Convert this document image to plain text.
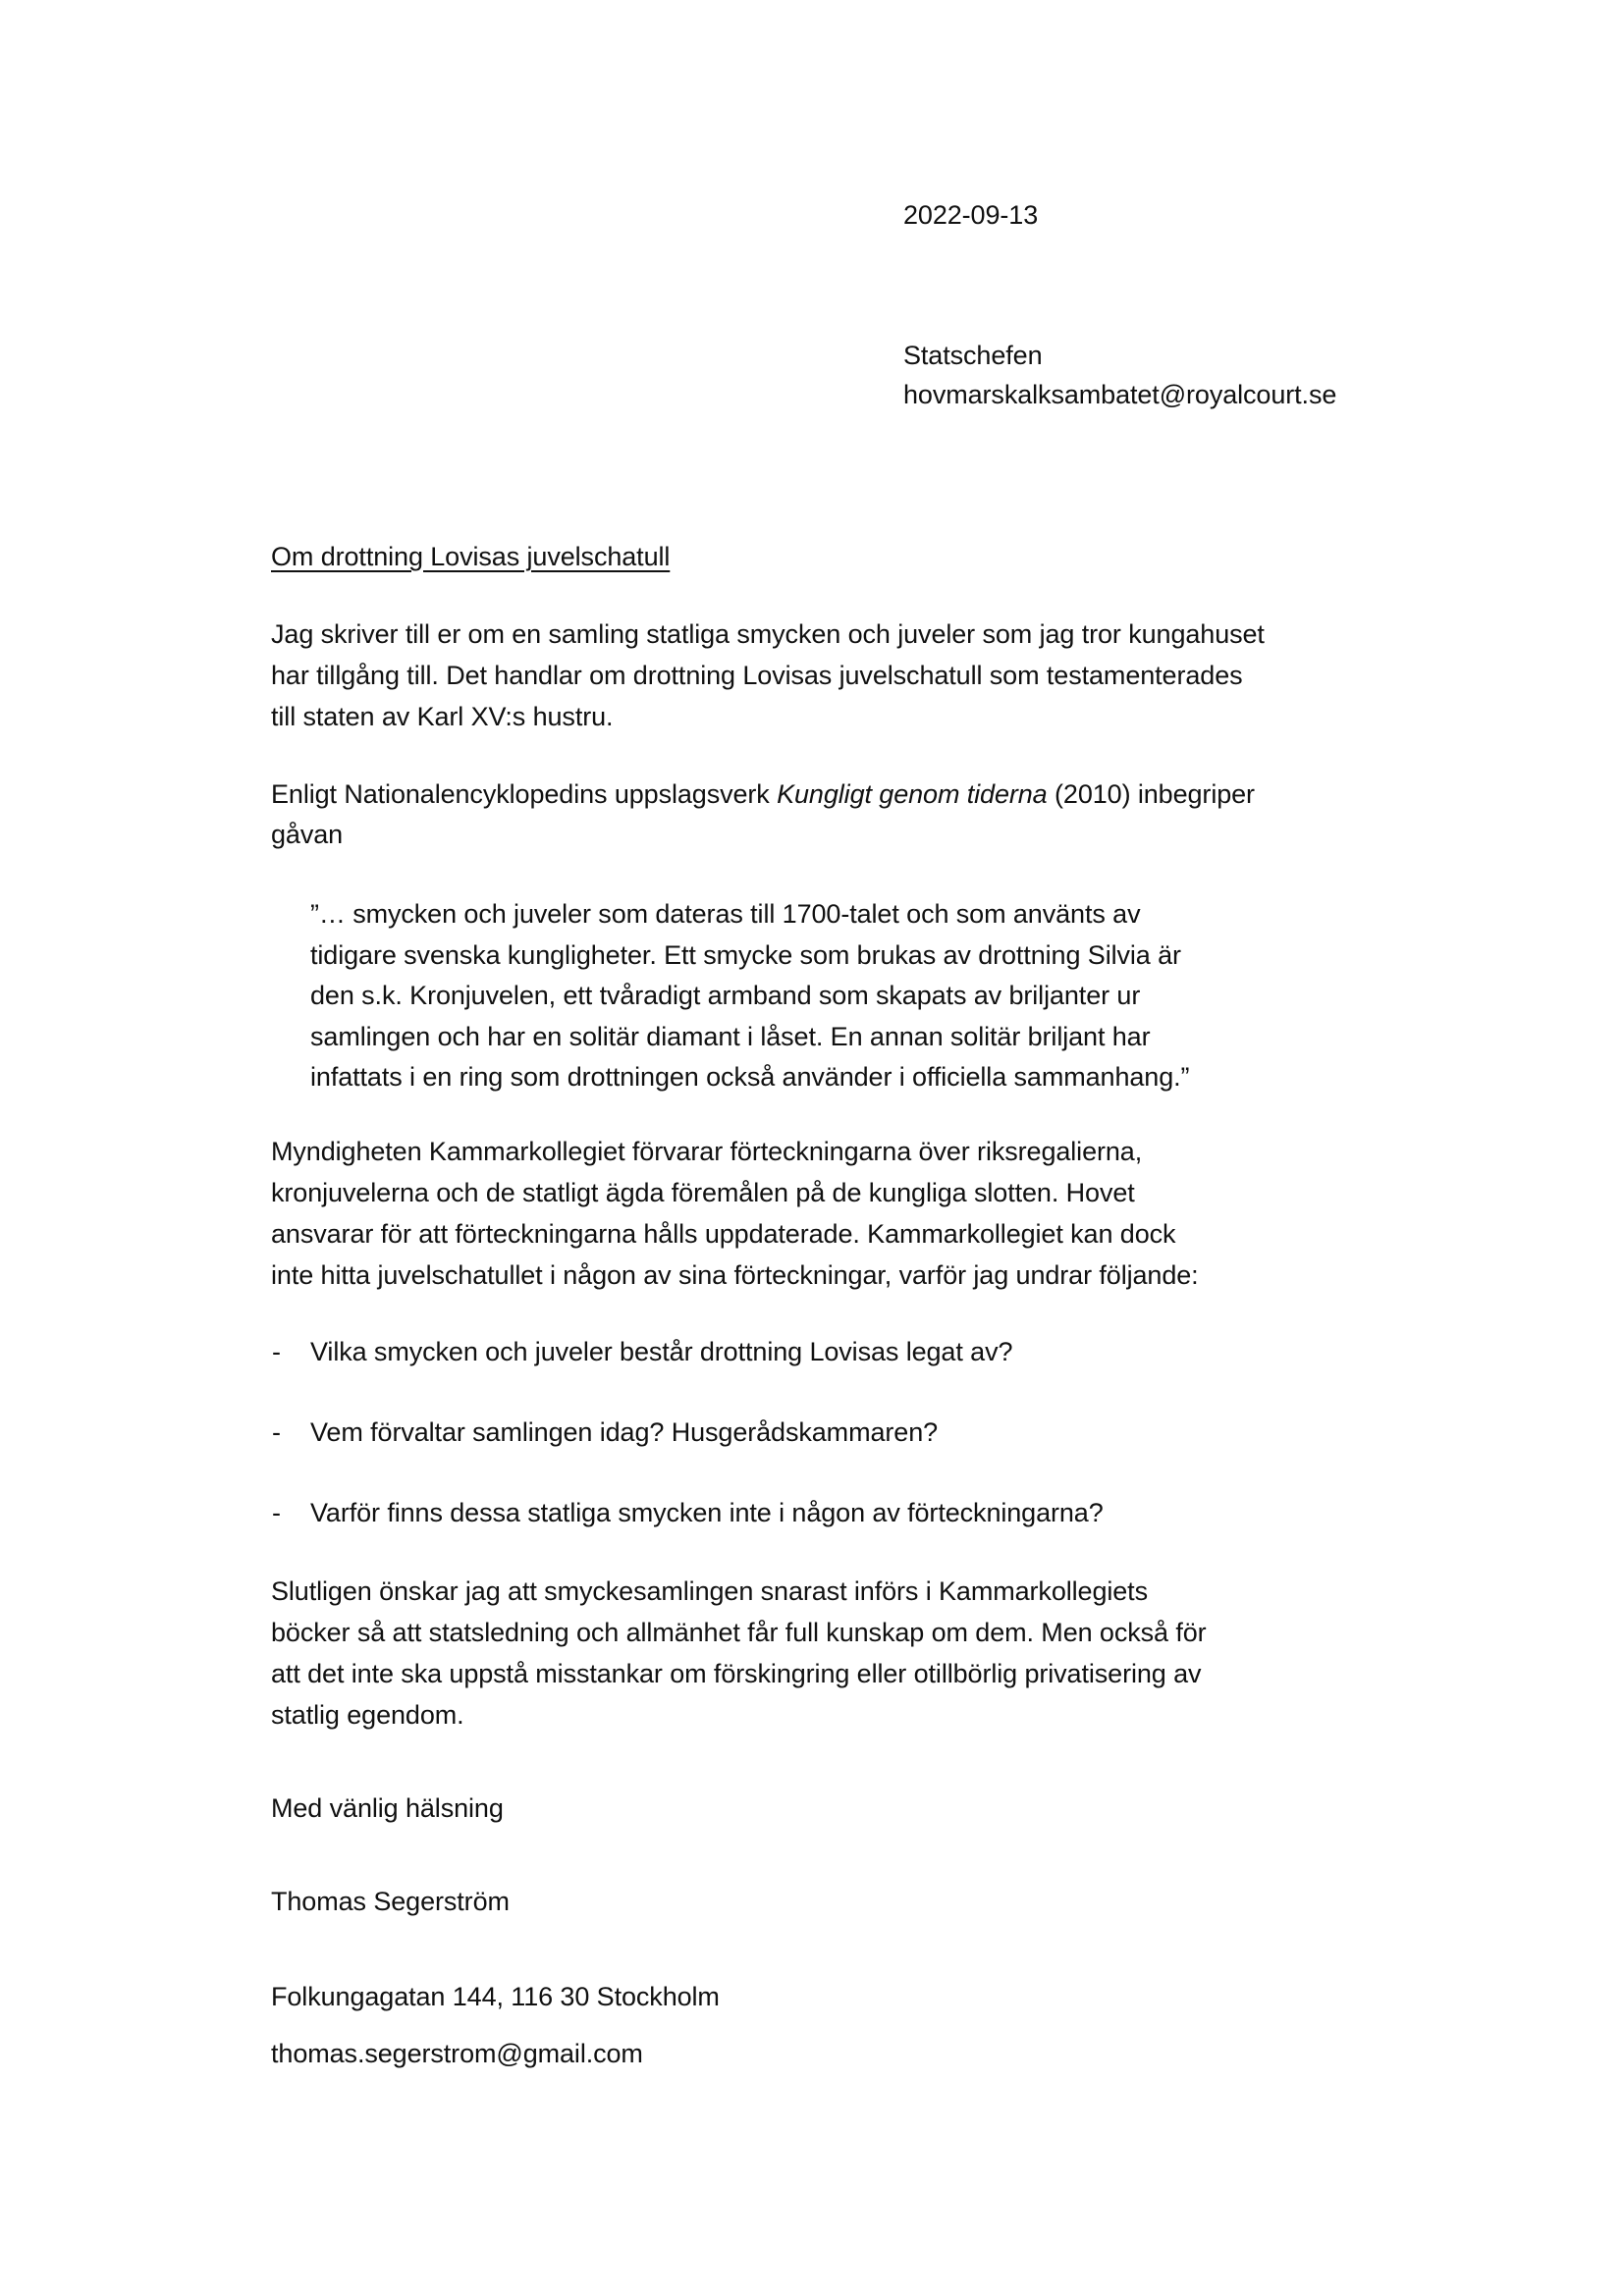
2022-09-13
Statschefen
hovmarskalksambatet@royalcourt.se
Om drottning Lovisas juvelschatull
Jag skriver till er om en samling statliga smycken och juveler som jag tror kungahuset
har tillgång till. Det handlar om drottning Lovisas juvelschatull som testamenterades
till staten av Karl XV:s hustru.
Enligt Nationalencyklopedins uppslagsverk Kungligt genom tiderna (2010) inbegriper
gåvan
”… smycken och juveler som dateras till 1700-talet och som använts av
tidigare svenska kungligheter. Ett smycke som brukas av drottning Silvia är
den s.k. Kronjuvelen, ett tvåradigt armband som skapats av briljanter ur
samlingen och har en solitär diamant i låset. En annan solitär briljant har
infattats i en ring som drottningen också använder i officiella sammanhang.”
Myndigheten Kammarkollegiet förvarar förteckningarna över riksregalierna,
kronjuvelerna och de statligt ägda föremålen på de kungliga slotten. Hovet
ansvarar för att förteckningarna hålls uppdaterade. Kammarkollegiet kan dock
inte hitta juvelschatullet i någon av sina förteckningar, varför jag undrar följande:
- Vilka smycken och juveler består drottning Lovisas legat av?
- Vem förvaltar samlingen idag? Husgerådskammaren?
- Varför finns dessa statliga smycken inte i någon av förteckningarna?
Slutligen önskar jag att smyckesamlingen snarast införs i Kammarkollegiets
böcker så att statsledning och allmänhet får full kunskap om dem. Men också för
att det inte ska uppstå misstankar om förskingring eller otillbörlig privatisering av
statlig egendom.
Med vänlig hälsning
Thomas Segerström
Folkungagatan 144, 116 30 Stockholm
thomas.segerstrom@gmail.com
